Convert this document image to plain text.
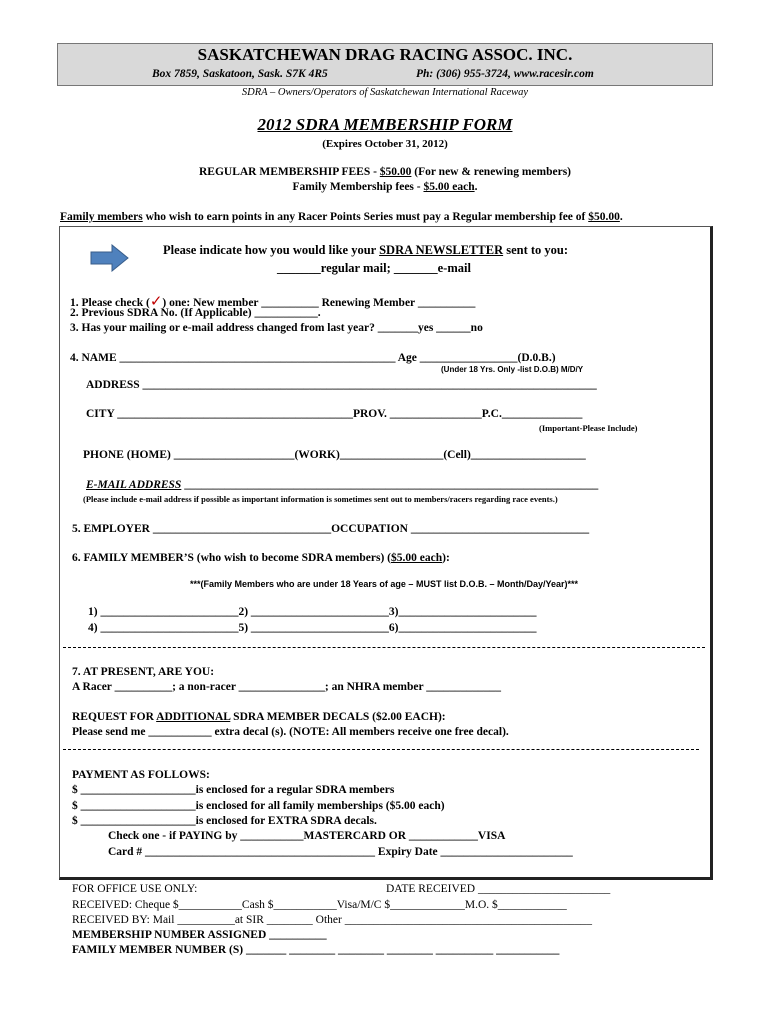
SASKATCHEWAN DRAG RACING ASSOC. INC.
Box 7859, Saskatoon, Sask. S7K 4R5	Ph: (306) 955-3724, www.racesir.com
SDRA – Owners/Operators of Saskatchewan International Raceway
2012 SDRA MEMBERSHIP FORM
(Expires October 31, 2012)
REGULAR MEMBERSHIP FEES - $50.00 (For new & renewing members)
Family Membership fees - $5.00 each.
Family members who wish to earn points in any Racer Points Series must pay a Regular membership fee of $50.00.
Please indicate how you would like your SDRA NEWSLETTER sent to you:
_______regular mail; _______e-mail
1. Please check (✓) one: New member __________ Renewing Member __________
2. Previous SDRA No. (If Applicable) ___________.
3. Has your mailing or e-mail address changed from last year? _______yes ______no
4. NAME ________________________________________________ Age _________________(D.0.B.)
(Under 18 Yrs. Only -list D.O.B) M/D/Y
ADDRESS _______________________________________________________________________________
CITY _________________________________________PROV. ________________P.C.______________
(Important-Please Include)
PHONE (HOME) _____________________(WORK)__________________(Cell)____________________
E-MAIL ADDRESS ________________________________________________________________________
(Please include e-mail address if possible as important information is sometimes sent out to members/racers regarding race events.)
5. EMPLOYER _______________________________OCCUPATION _______________________________
6. FAMILY MEMBER’S (who wish to become SDRA members) ($5.00 each):
***(Family Members who are under 18 Years of age – MUST list D.O.B. – Month/Day/Year)***
1) ________________________2) ________________________3)________________________
4) ________________________5) ________________________6)________________________
7. AT PRESENT, ARE YOU:
A Racer __________; a non-racer _______________; an NHRA member _____________
REQUEST FOR ADDITIONAL SDRA MEMBER DECALS ($2.00 EACH):
Please send me ___________ extra decal (s). (NOTE: All members receive one free decal).
PAYMENT AS FOLLOWS:
$ ____________________is enclosed for a regular SDRA members
$ ____________________is enclosed for all family memberships ($5.00 each)
$ ____________________is enclosed for EXTRA SDRA decals.
Check one - if PAYING by ___________MASTERCARD OR ____________VISA
Card # ________________________________________ Expiry Date _______________________
FOR OFFICE USE ONLY:	DATE RECEIVED _______________________
RECEIVED: Cheque $___________Cash $___________Visa/M/C $_____________M.O. $____________
RECEIVED BY: Mail __________at SIR ________ Other ___________________________________________
MEMBERSHIP NUMBER ASSIGNED __________
FAMILY MEMBER NUMBER (S) _______ ________ ________ ________ __________ ___________
